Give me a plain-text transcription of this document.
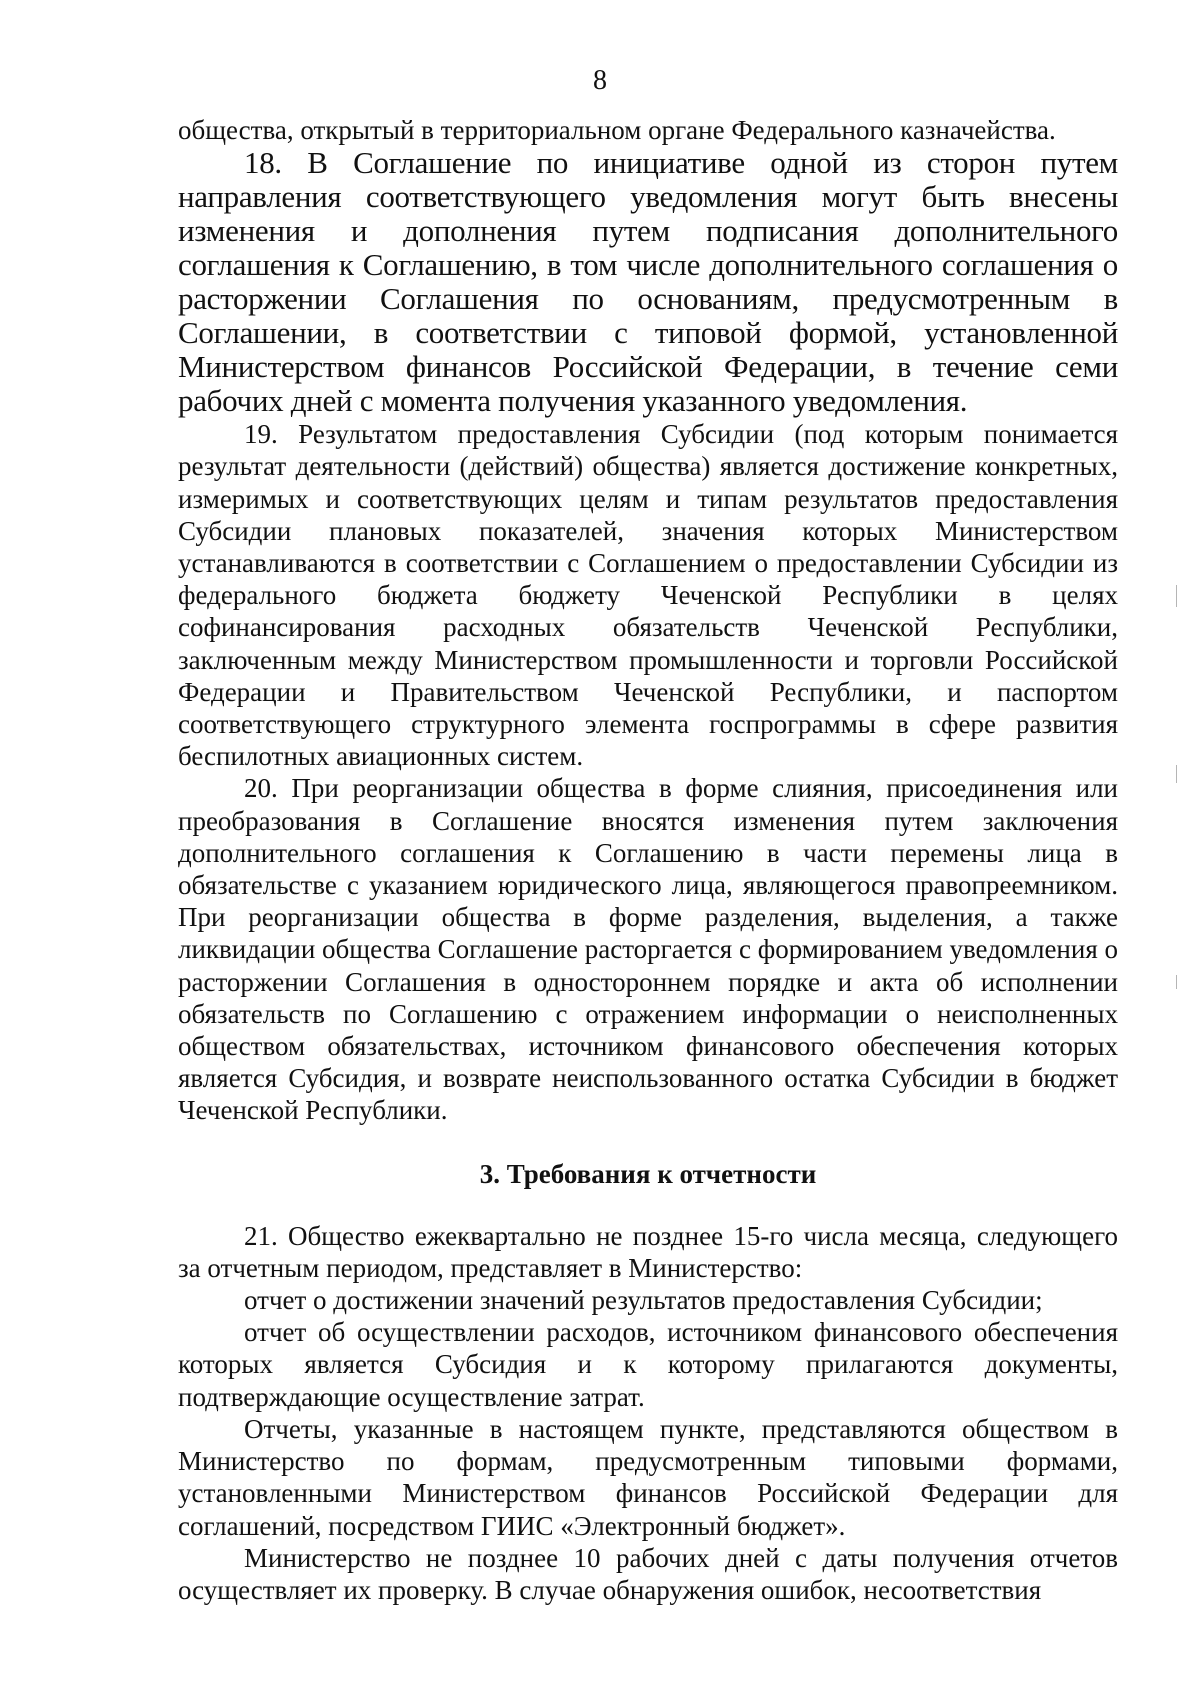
8

общества, открытый в территориальном органе Федерального казначейства.

18. В Соглашение по инициативе одной из сторон путем направления соответствующего уведомления могут быть внесены изменения и дополнения путем подписания дополнительного соглашения к Соглашению, в том числе дополнительного соглашения о расторжении Соглашения по основаниям, предусмотренным в Соглашении, в соответствии с типовой формой, установленной Министерством финансов Российской Федерации, в течение семи рабочих дней с момента получения указанного уведомления.

19. Результатом предоставления Субсидии (под которым понимается результат деятельности (действий) общества) является достижение конкретных, измеримых и соответствующих целям и типам результатов предоставления Субсидии плановых показателей, значения которых Министерством устанавливаются в соответствии с Соглашением о предоставлении Субсидии из федерального бюджета бюджету Чеченской Республики в целях софинансирования расходных обязательств Чеченской Республики, заключенным между Министерством промышленности и торговли Российской Федерации и Правительством Чеченской Республики, и паспортом соответствующего структурного элемента госпрограммы в сфере развития беспилотных авиационных систем.

20. При реорганизации общества в форме слияния, присоединения или преобразования в Соглашение вносятся изменения путем заключения дополнительного соглашения к Соглашению в части перемены лица в обязательстве с указанием юридического лица, являющегося правопреемником. При реорганизации общества в форме разделения, выделения, а также ликвидации общества Соглашение расторгается с формированием уведомления о расторжении Соглашения в одностороннем порядке и акта об исполнении обязательств по Соглашению с отражением информации о неисполненных обществом обязательствах, источником финансового обеспечения которых является Субсидия, и возврате неиспользованного остатка Субсидии в бюджет Чеченской Республики.

3. Требования к отчетности

21. Общество ежеквартально не позднее 15-го числа месяца, следующего за отчетным периодом, представляет в Министерство:

отчет о достижении значений результатов предоставления Субсидии;

отчет об осуществлении расходов, источником финансового обеспечения которых является Субсидия и к которому прилагаются документы, подтверждающие осуществление затрат.

Отчеты, указанные в настоящем пункте, представляются обществом в Министерство по формам, предусмотренным типовыми формами, установленными Министерством финансов Российской Федерации для соглашений, посредством ГИИС «Электронный бюджет».

Министерство не позднее 10 рабочих дней с даты получения отчетов осуществляет их проверку. В случае обнаружения ошибок, несоответствия
